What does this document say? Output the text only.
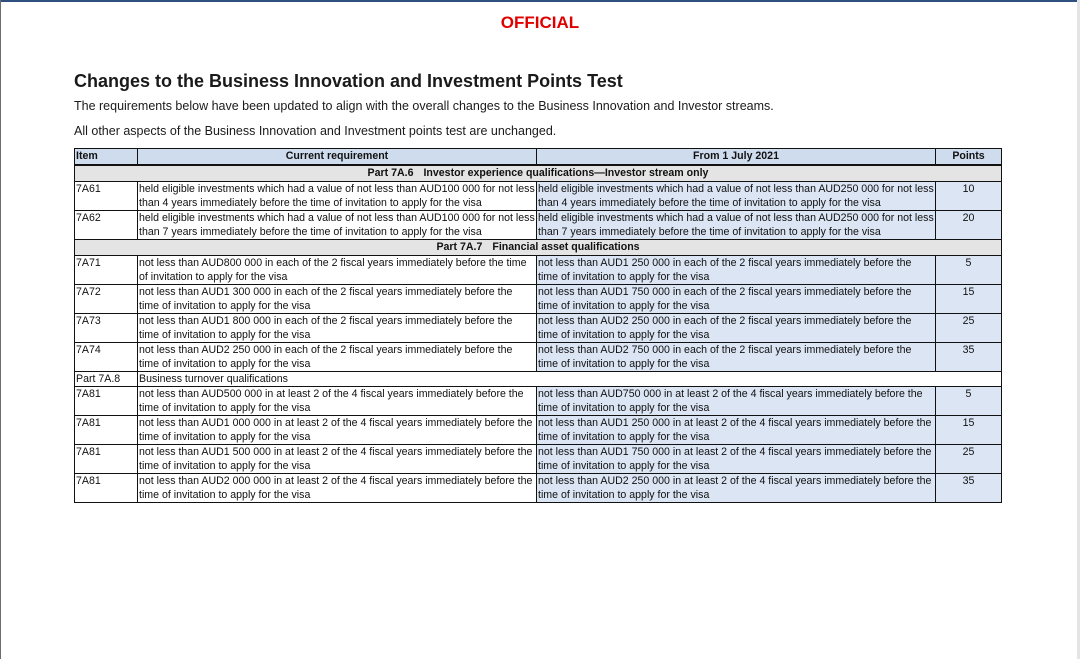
OFFICIAL
Changes to the Business Innovation and Investment Points Test
The requirements below have been updated to align with the overall changes to the Business Innovation and Investor streams.
All other aspects of the Business Innovation and Investment points test are unchanged.
Item	Current requirement	From 1 July 2021	Points
Part 7A.6 Investor experience qualifications—Investor stream only			
7A61	held eligible investments which had a value of not less than AUD100 000 for not less than 4 years immediately before the time of invitation to apply for the visa	held eligible investments which had a value of not less than AUD250 000 for not less than 4 years immediately before the time of invitation to apply for the visa	10
7A62	held eligible investments which had a value of not less than AUD100 000 for not less than 7 years immediately before the time of invitation to apply for the visa	held eligible investments which had a value of not less than AUD250 000 for not less than 7 years immediately before the time of invitation to apply for the visa	20
Part 7A.7 Financial asset qualifications			
7A71	not less than AUD800 000 in each of the 2 fiscal years immediately before the time of invitation to apply for the visa	not less than AUD1 250 000 in each of the 2 fiscal years immediately before the time of invitation to apply for the visa	5
7A72	not less than AUD1 300 000 in each of the 2 fiscal years immediately before the time of invitation to apply for the visa	not less than AUD1 750 000 in each of the 2 fiscal years immediately before the time of invitation to apply for the visa	15
7A73	not less than AUD1 800 000 in each of the 2 fiscal years immediately before the time of invitation to apply for the visa	not less than AUD2 250 000 in each of the 2 fiscal years immediately before the time of invitation to apply for the visa	25
7A74	not less than AUD2 250 000 in each of the 2 fiscal years immediately before the time of invitation to apply for the visa	not less than AUD2 750 000 in each of the 2 fiscal years immediately before the time of invitation to apply for the visa	35
Part 7A.8	Business turnover qualifications		
7A81	not less than AUD500 000 in at least 2 of the 4 fiscal years immediately before the time of invitation to apply for the visa	not less than AUD750 000 in at least 2 of the 4 fiscal years immediately before the time of invitation to apply for the visa	5
7A81	not less than AUD1 000 000 in at least 2 of the 4 fiscal years immediately before the time of invitation to apply for the visa	not less than AUD1 250 000 in at least 2 of the 4 fiscal years immediately before the time of invitation to apply for the visa	15
7A81	not less than AUD1 500 000 in at least 2 of the 4 fiscal years immediately before the time of invitation to apply for the visa	not less than AUD1 750 000 in at least 2 of the 4 fiscal years immediately before the time of invitation to apply for the visa	25
7A81	not less than AUD2 000 000 in at least 2 of the 4 fiscal years immediately before the time of invitation to apply for the visa	not less than AUD2 250 000 in at least 2 of the 4 fiscal years immediately before the time of invitation to apply for the visa	35
